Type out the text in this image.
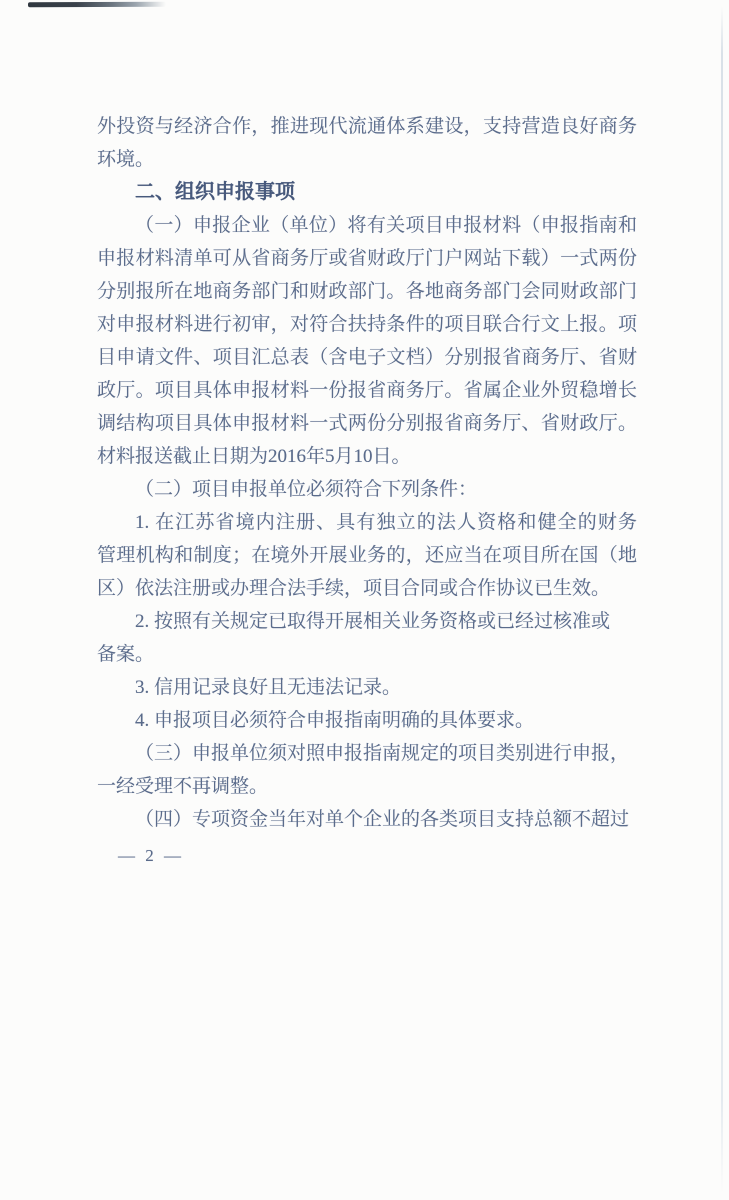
外投资与经济合作，推进现代流通体系建设，支持营造良好商务
环境。
二、组织申报事项
（一）申报企业（单位）将有关项目申报材料（申报指南和
申报材料清单可从省商务厅或省财政厅门户网站下载）一式两份
分别报所在地商务部门和财政部门。各地商务部门会同财政部门
对申报材料进行初审，对符合扶持条件的项目联合行文上报。项
目申请文件、项目汇总表（含电子文档）分别报省商务厅、省财
政厅。项目具体申报材料一份报省商务厅。省属企业外贸稳增长
调结构项目具体申报材料一式两份分别报省商务厅、省财政厅。
材料报送截止日期为2016年5月10日。
（二）项目申报单位必须符合下列条件：
1. 在江苏省境内注册、具有独立的法人资格和健全的财务
管理机构和制度；在境外开展业务的，还应当在项目所在国（地
区）依法注册或办理合法手续，项目合同或合作协议已生效。
2. 按照有关规定已取得开展相关业务资格或已经过核准或
备案。
3. 信用记录良好且无违法记录。
4. 申报项目必须符合申报指南明确的具体要求。
（三）申报单位须对照申报指南规定的项目类别进行申报，
一经受理不再调整。
（四）专项资金当年对单个企业的各类项目支持总额不超过
— 2 —
